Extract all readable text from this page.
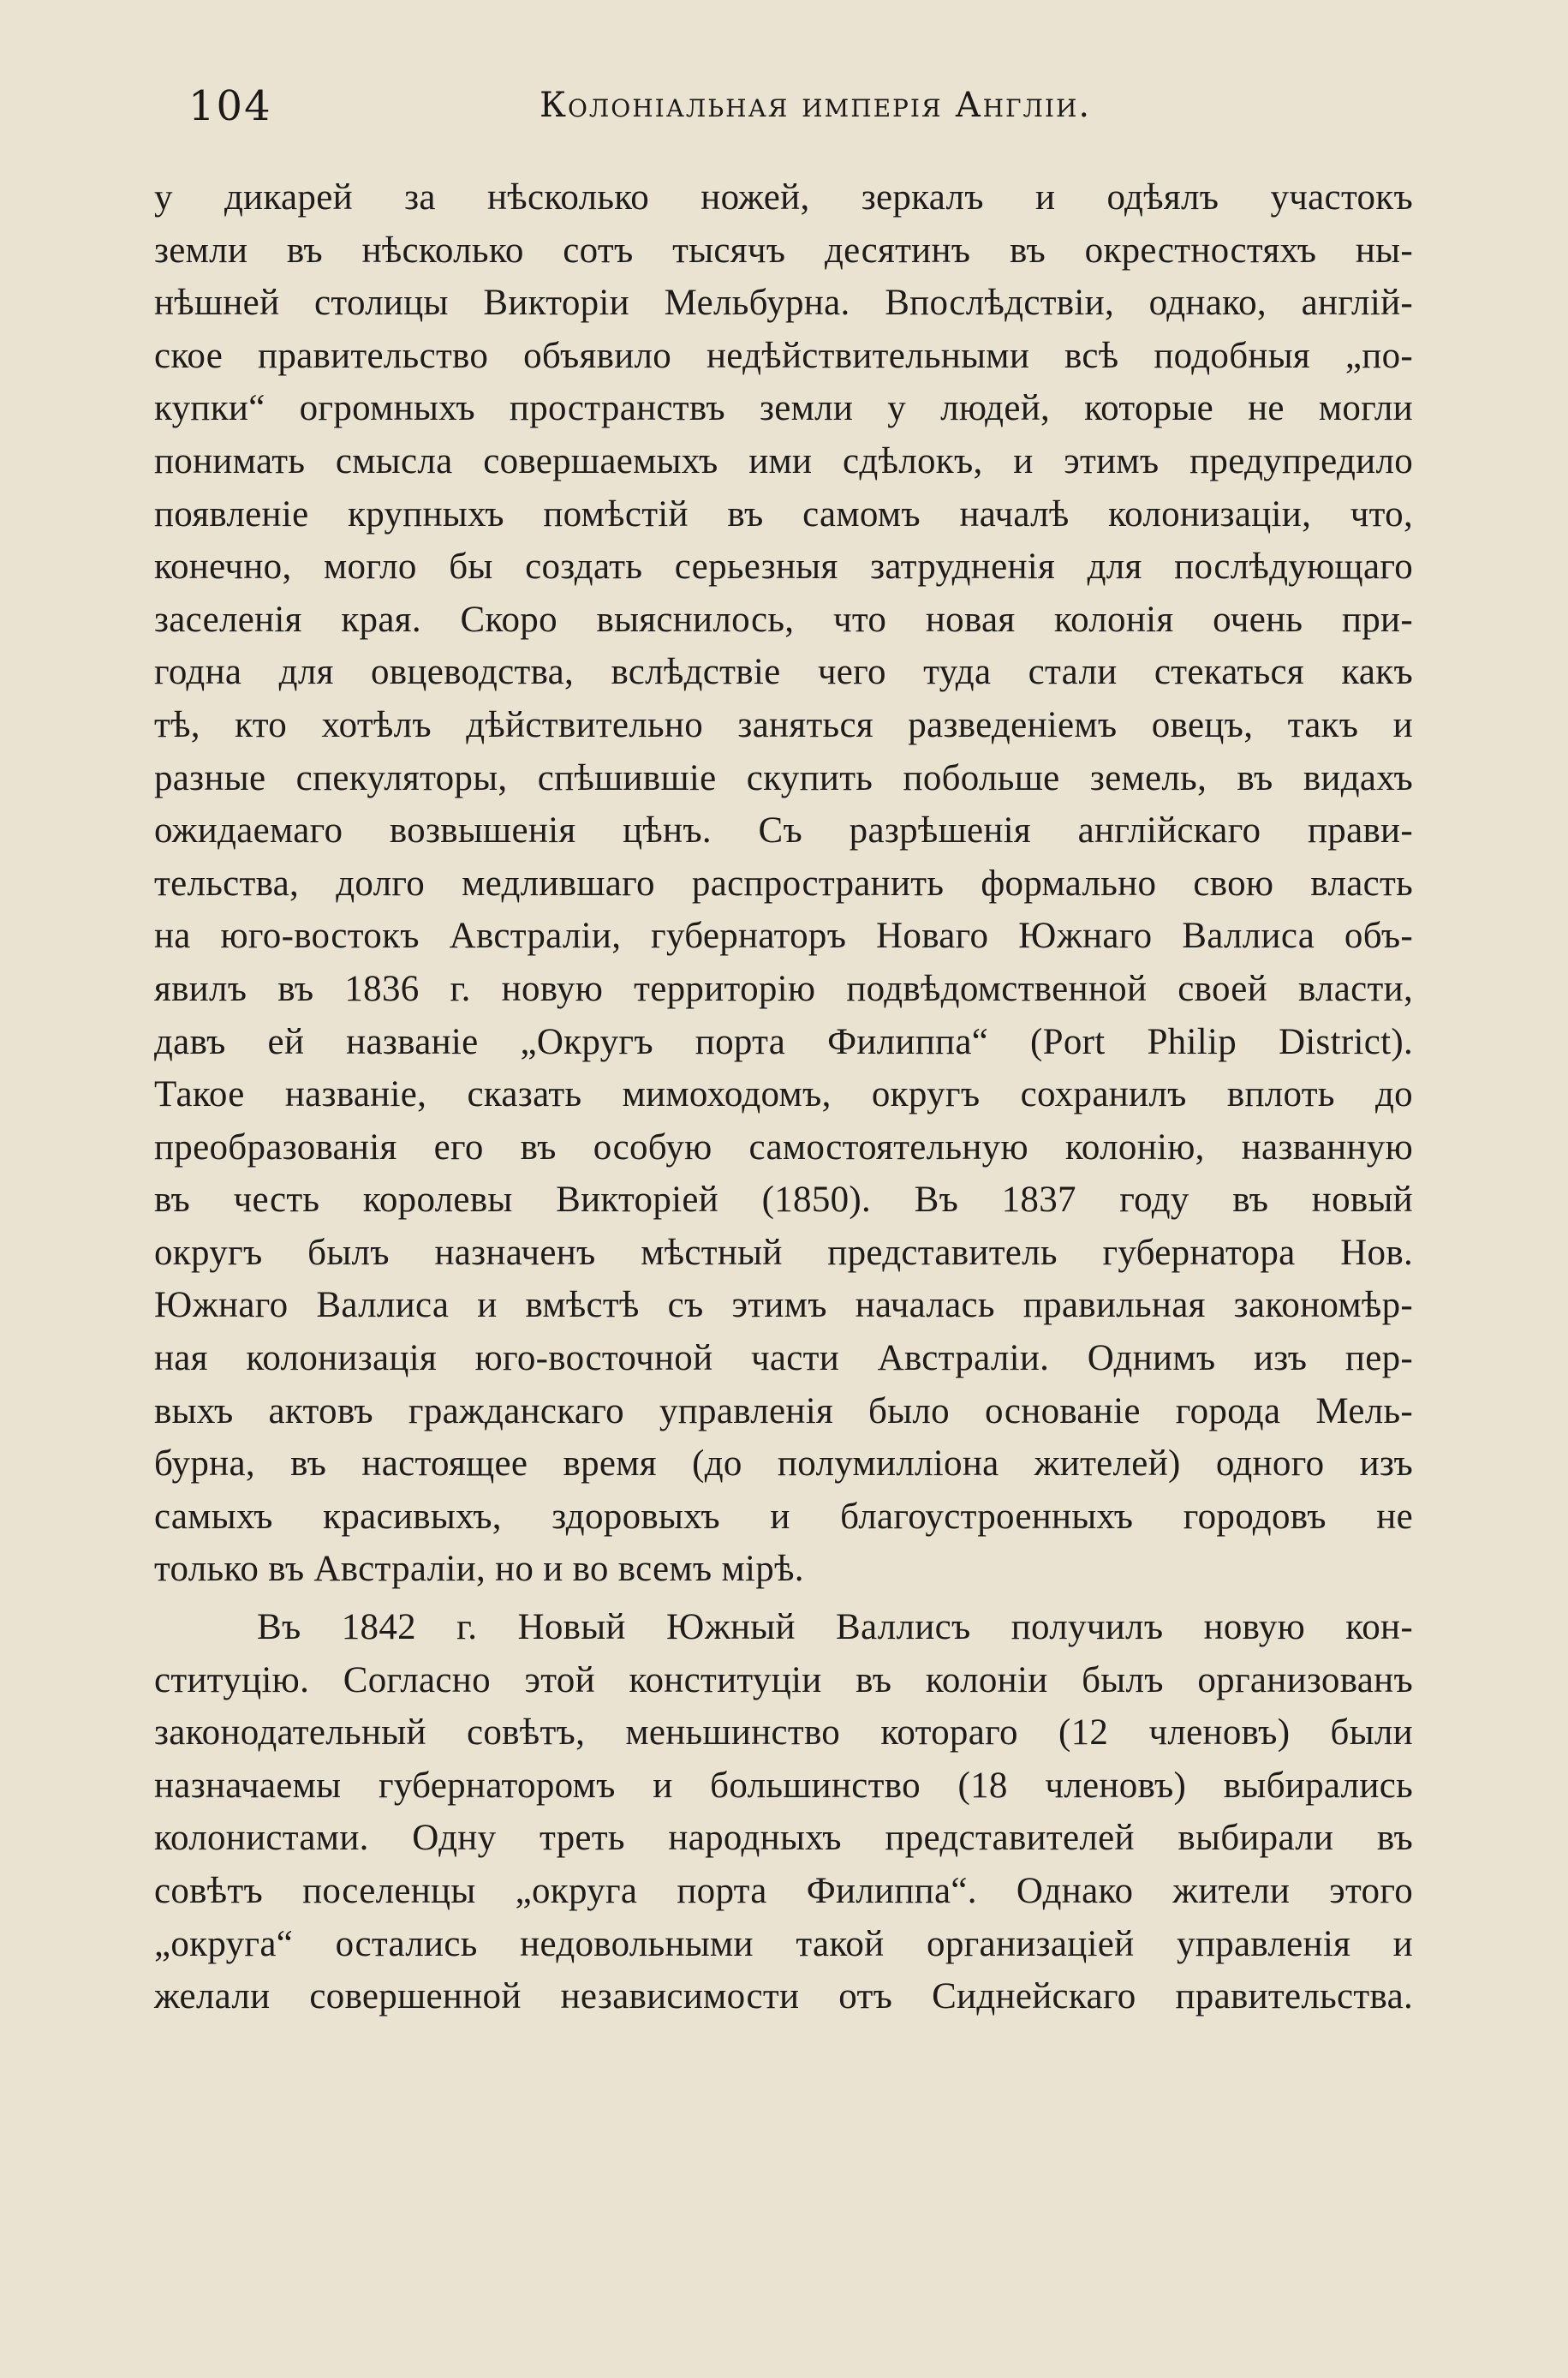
104	Колоніальная имперія Англіи.
у дикарей за нѣсколько ножей, зеркалъ и одѣялъ участокъ
земли въ нѣсколько сотъ тысячъ десятинъ въ окрестностяхъ ны-
нѣшней столицы Викторіи Мельбурна. Впослѣдствіи, однако, англій-
ское правительство объявило недѣйствительными всѣ подобныя „по-
купки“ огромныхъ пространствъ земли у людей, которые не могли
понимать смысла совершаемыхъ ими сдѣлокъ, и этимъ предупредило
появленіе крупныхъ помѣстій въ самомъ началѣ колонизаціи, что,
конечно, могло бы создать серьезныя затрудненія для послѣдующаго
заселенія края. Скоро выяснилось, что новая колонія очень при-
годна для овцеводства, вслѣдствіе чего туда стали стекаться какъ
тѣ, кто хотѣлъ дѣйствительно заняться разведеніемъ овецъ, такъ и
разные спекуляторы, спѣшившіе скупить побольше земель, въ видахъ
ожидаемаго возвышенія цѣнъ. Съ разрѣшенія англійскаго прави-
тельства, долго медлившаго распространить формально свою власть
на юго-востокъ Австраліи, губернаторъ Новаго Южнаго Валлиса объ-
явилъ въ 1836 г. новую территорію подвѣдомственной своей власти,
давъ ей названіе „Округъ порта Филиппа“ (Port Philip District).
Такое названіе, сказать мимоходомъ, округъ сохранилъ вплоть до
преобразованія его въ особую самостоятельную колонію, названную
въ честь королевы Викторіей (1850). Въ 1837 году въ новый
округъ былъ назначенъ мѣстный представитель губернатора Нов.
Южнаго Валлиса и вмѣстѣ съ этимъ началась правильная закономѣр-
ная колонизація юго-восточной части Австраліи. Однимъ изъ пер-
выхъ актовъ гражданскаго управленія было основаніе города Мель-
бурна, въ настоящее время (до полумилліона жителей) одного изъ
самыхъ красивыхъ, здоровыхъ и благоустроенныхъ городовъ не
только въ Австраліи, но и во всемъ мірѣ.
Въ 1842 г. Новый Южный Валлисъ получилъ новую кон-
ституцію. Согласно этой конституціи въ колоніи былъ организованъ
законодательный совѣтъ, меньшинство котораго (12 членовъ) были
назначаемы губернаторомъ и большинство (18 членовъ) выбирались
колонистами. Одну треть народныхъ представителей выбирали въ
совѣтъ поселенцы „округа порта Филиппа“. Однако жители этого
„округа“ остались недовольными такой организаціей управленія и
желали совершенной независимости отъ Сиднейскаго правительства.
